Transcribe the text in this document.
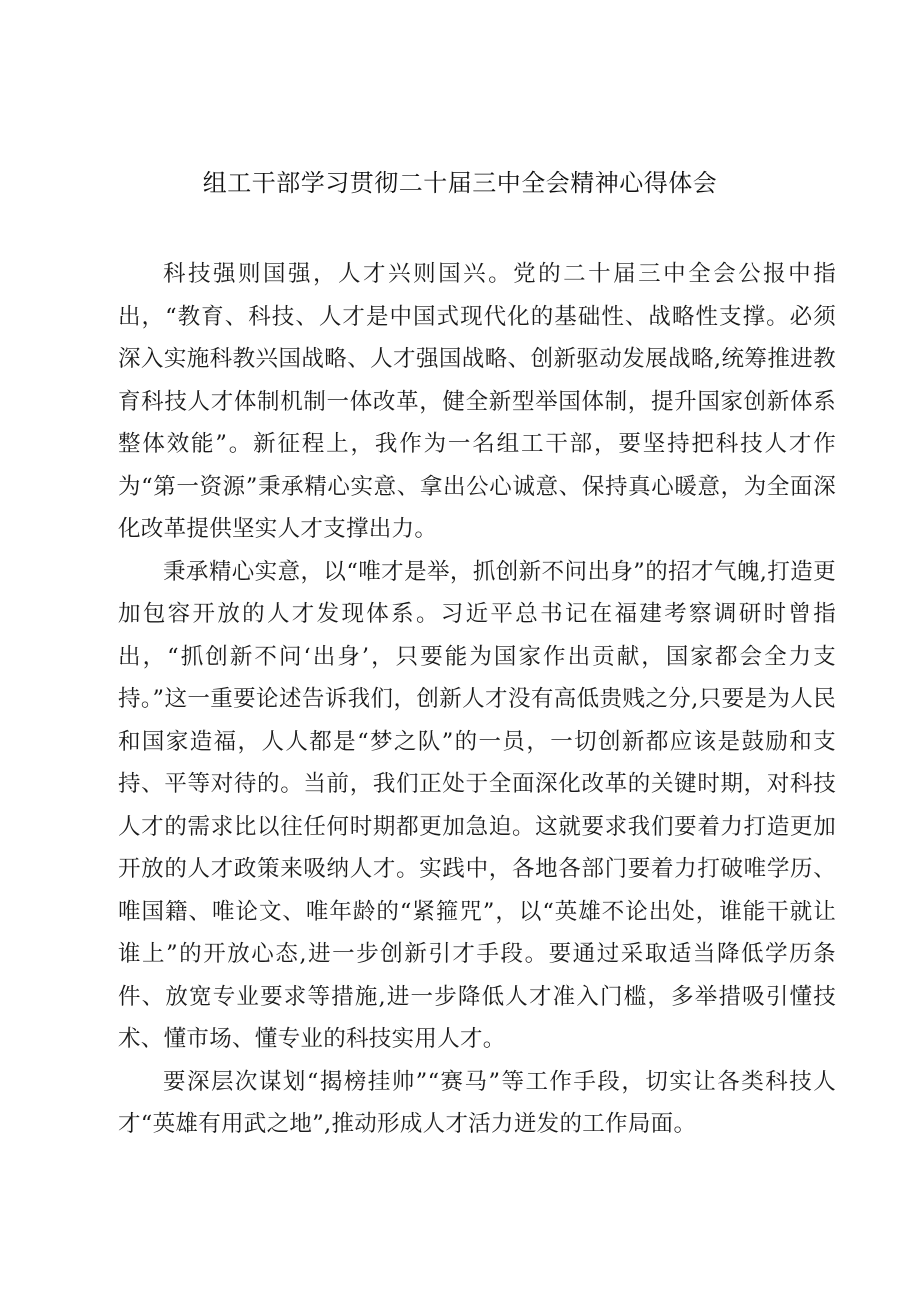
组工干部学习贯彻二十届三中全会精神心得体会

科技强则国强，人才兴则国兴。党的二十届三中全会公报中指出，“教育、科技、人才是中国式现代化的基础性、战略性支撑。必须深入实施科教兴国战略、人才强国战略、创新驱动发展战略,统筹推进教育科技人才体制机制一体改革，健全新型举国体制，提升国家创新体系整体效能”。新征程上，我作为一名组工干部，要坚持把科技人才作为“第一资源”秉承精心实意、拿出公心诚意、保持真心暖意，为全面深化改革提供坚实人才支撑出力。

秉承精心实意，以“唯才是举，抓创新不问出身”的招才气魄,打造更加包容开放的人才发现体系。习近平总书记在福建考察调研时曾指出，“抓创新不问‘出身’，只要能为国家作出贡献，国家都会全力支持。”这一重要论述告诉我们，创新人才没有高低贵贱之分,只要是为人民和国家造福，人人都是“梦之队”的一员，一切创新都应该是鼓励和支持、平等对待的。当前，我们正处于全面深化改革的关键时期，对科技人才的需求比以往任何时期都更加急迫。这就要求我们要着力打造更加开放的人才政策来吸纳人才。实践中，各地各部门要着力打破唯学历、唯国籍、唯论文、唯年龄的“紧箍咒”，以“英雄不论出处，谁能干就让谁上”的开放心态,进一步创新引才手段。要通过采取适当降低学历条件、放宽专业要求等措施,进一步降低人才准入门槛，多举措吸引懂技术、懂市场、懂专业的科技实用人才。

要深层次谋划“揭榜挂帅”“赛马”等工作手段，切实让各类科技人才“英雄有用武之地”,推动形成人才活力迸发的工作局面。
